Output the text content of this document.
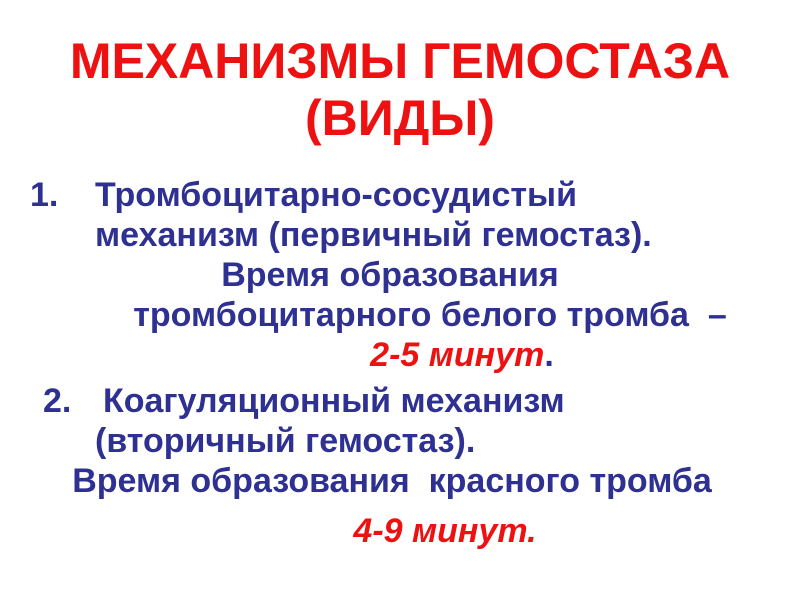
МЕХАНИЗМЫ ГЕМОСТАЗА
(ВИДЫ)
1. Тромбоцитарно-сосудистый
механизм (первичный гемостаз).
Время образования
тромбоцитарного белого тромба  –
2-5 минут.
2. Коагуляционный механизм
(вторичный гемостаз).
Время образования  красного тромба
4-9 минут.
